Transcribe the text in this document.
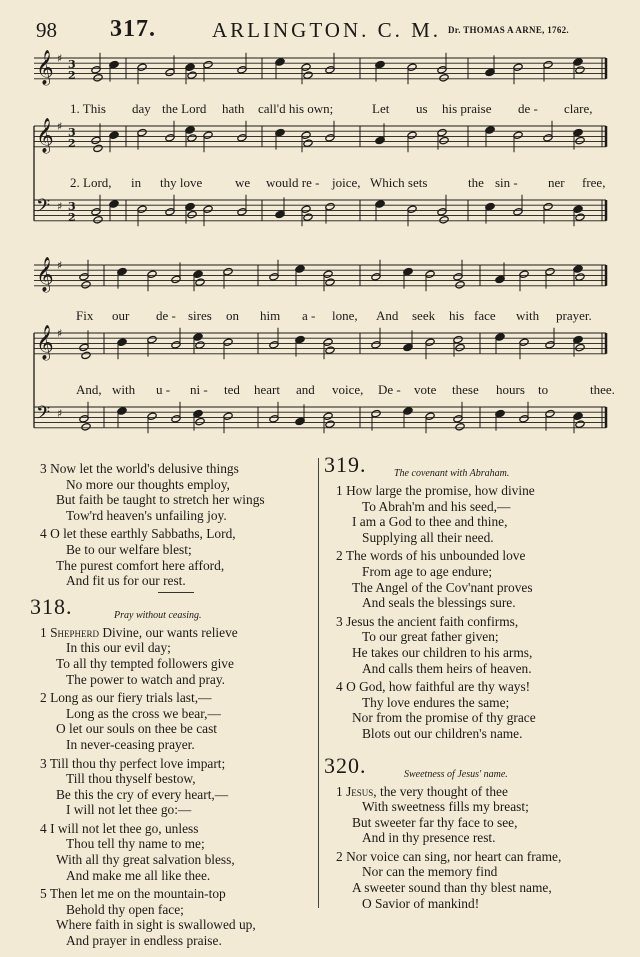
98 317.	ARLINGTON. C. M. Dr. THOMAS A ARNE, 1762.
𝄞 ♯ 3
2
𝄞 ♯ 3
2
𝄢 ♯ 3
2
1. This day the Lord hath call'd his own;	Let us his praise de - clare,
2. Lord, in thy love	we would re - joice, Which sets	the sin - ner free,
𝄞 ♯
𝄞 ♯
𝄢 ♯
Fix our de - sires on him a - lone, And seek his face with prayer.
And, with u - ni - ted heart and voice, De - vote these hours to	thee.
3 Now let the world's delusive things
No more our thoughts employ,
But faith be taught to stretch her wings
Tow'rd heaven's unfailing joy.
4 O let these earthly Sabbaths, Lord,
Be to our welfare blest;
The purest comfort here afford,
And fit us for our rest.
318.	Pray without ceasing.
1 Shepherd Divine, our wants relieve
In this our evil day;
To all thy tempted followers give
The power to watch and pray.
2 Long as our fiery trials last,—
Long as the cross we bear,—
O let our souls on thee be cast
In never-ceasing prayer.
3 Till thou thy perfect love impart;
Till thou thyself bestow,
Be this the cry of every heart,—
I will not let thee go:—
4 I will not let thee go, unless
Thou tell thy name to me;
With all thy great salvation bless,
And make me all like thee.
5 Then let me on the mountain-top
Behold thy open face;
Where faith in sight is swallowed up,
And prayer in endless praise.
319.	The covenant with Abraham.
1 How large the promise, how divine
To Abrah'm and his seed,—
I am a God to thee and thine,
Supplying all their need.
2 The words of his unbounded love
From age to age endure;
The Angel of the Cov'nant proves
And seals the blessings sure.
3 Jesus the ancient faith confirms,
To our great father given;
He takes our children to his arms,
And calls them heirs of heaven.
4 O God, how faithful are thy ways!
Thy love endures the same;
Nor from the promise of thy grace
Blots out our children's name.
320.	Sweetness of Jesus' name.
1 Jesus, the very thought of thee
With sweetness fills my breast;
But sweeter far thy face to see,
And in thy presence rest.
2 Nor voice can sing, nor heart can frame,
Nor can the memory find
A sweeter sound than thy blest name,
O Savior of mankind!
